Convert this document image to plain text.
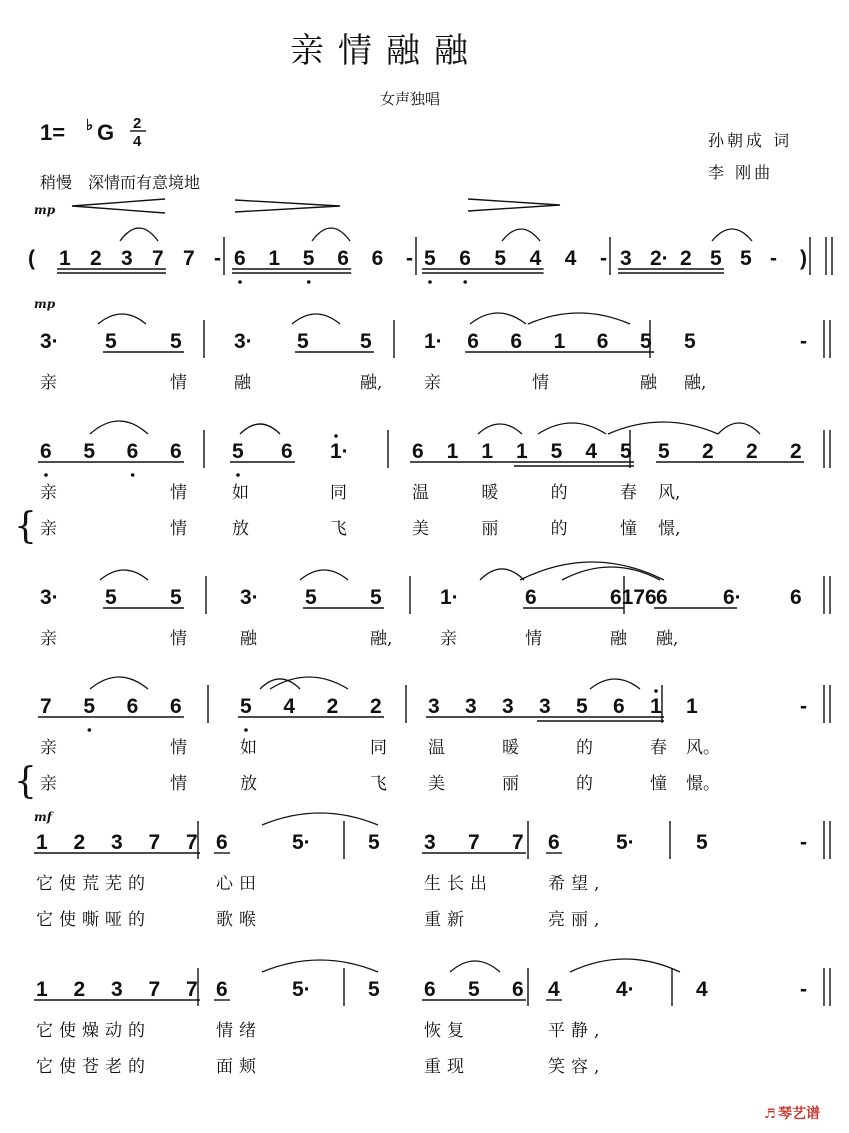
亲情融融
女声独唱
1= ♭ G 2
4	孙朝成 词
李 刚曲
稍慢　深情而有意境地
mp
( 1 2 3 7 7 - 6 1 5 6 6 - 5 6 5 4 4 - 3 2· 2 5 5 - )
mp
3· 5	5 3· 5 5 1· 6 6 1 6 5 5	-
亲	情	融	融, 亲	情	融 融,
6 5 6 6 5 6 1·	6 1 1 1 5 4 5 5 2 2 2
亲	情	如	同	温	暖	的	春 风,
亲	情	放	飞	美	丽	的	憧 憬,
{
3· 5	5	3· 5	5	1·	6	6176 6	6· 6
亲	情	融	融,	亲	情	融 融,
7 5 6 6	5 4 2 2 3 3 3 3 5 6 1 1	-
亲	情	如	同 温	暖	的	春 风。
亲	情	放	飞 美	丽	的	憧 憬。
{
mf
1 2 3 7 7 6	5·	5 3 7 7 6	5·	5	-
它使荒芜的	心田	生长出	希望,
它使嘶哑的	歌喉	重新	亮丽,
1 2 3 7 7 6	5·	5 6 5 6 4	4·	4	-
它使燥动的	情绪	恢复	平静,
它使苍老的	面颊	重现	笑容,
♬ 琴艺谱
